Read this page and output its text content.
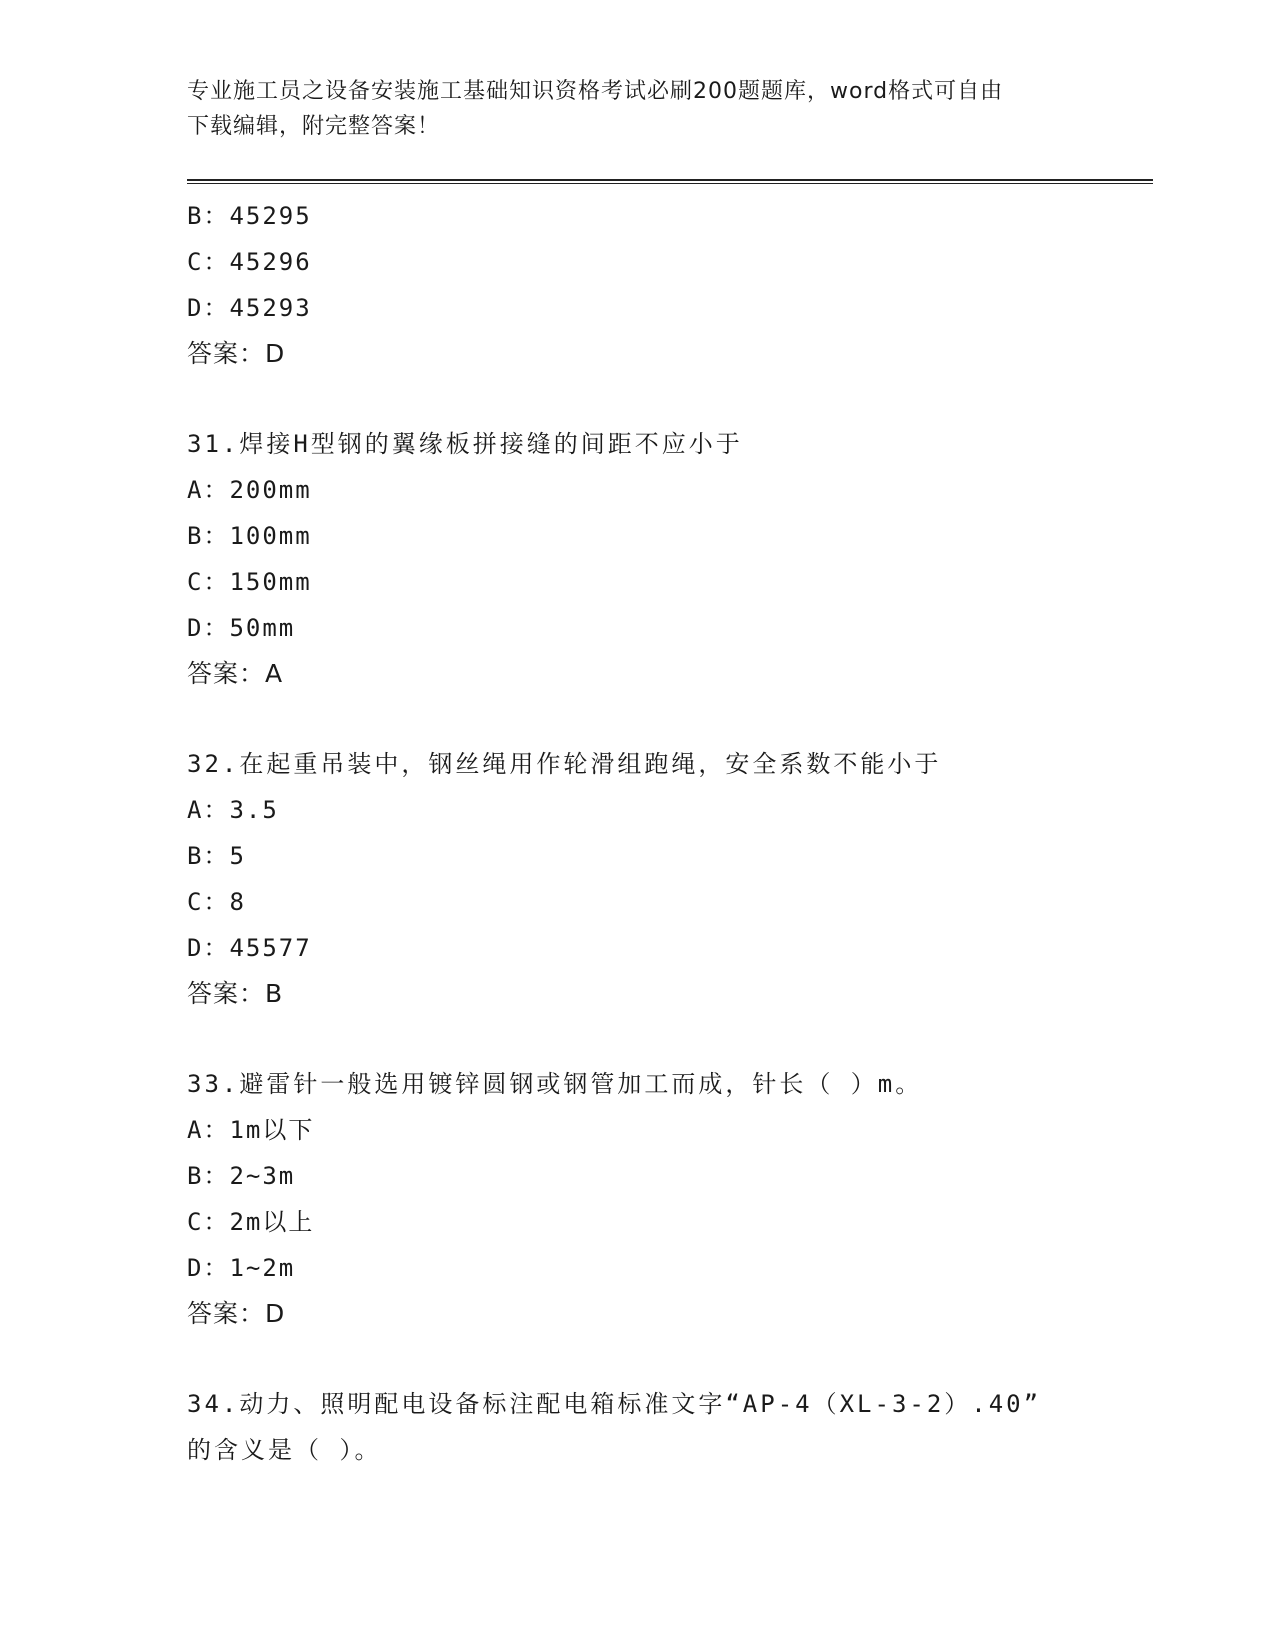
专业施工员之设备安装施工基础知识资格考试必刷200题题库，word格式可自由
下载编辑，附完整答案！
B：45295
C：45296
D：45293
答案：D
31.焊接H型钢的翼缘板拼接缝的间距不应小于
A：200mm
B：100mm
C：150mm
D：50mm
答案：A
32.在起重吊装中，钢丝绳用作轮滑组跑绳，安全系数不能小于
A：3.5
B：5
C：8
D：45577
答案：B
33.避雷针一般选用镀锌圆钢或钢管加工而成，针长（ ）m。
A：1m以下
B：2~3m
C：2m以上
D：1~2m
答案：D
34.动力、照明配电设备标注配电箱标准文字“AP-4（XL-3-2）.40”
的含义是（ ）。
